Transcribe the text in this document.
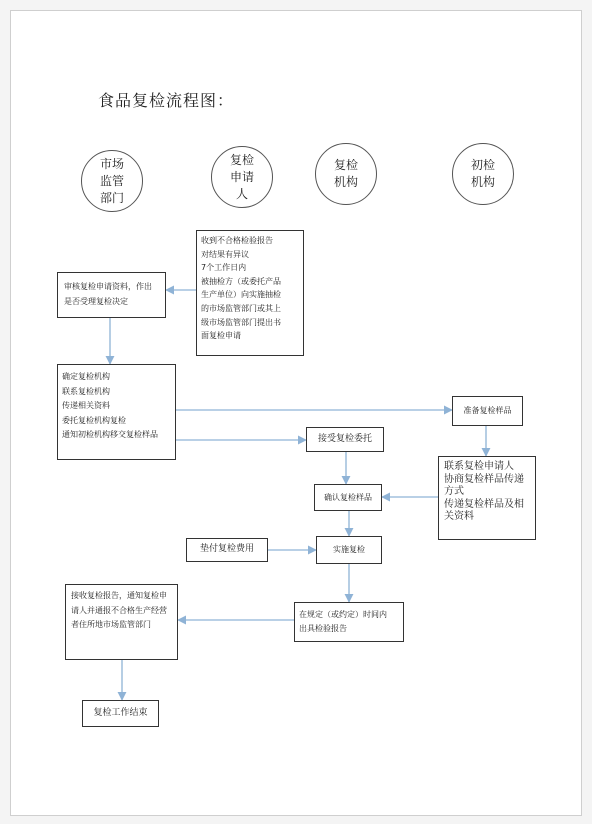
食品复检流程图：
市场监管部门
复检申请人
复检机构
初检机构
收到不合格检验报告
对结果有异议
7个工作日内
被抽检方（或委托产品
生产单位）向实施抽检
的市场监管部门或其上
级市场监管部门提出书
面复检申请
审核复检申请资料，作出是否受理复检决定
确定复检机构
联系复检机构
传递相关资料
委托复检机构复检
通知初检机构移交复检样品
准备复检样品
接受复检委托
联系复检申请人
协商复检样品传递
方式
传递复检样品及相
关资料
确认复检样品
垫付复检费用	实施复检
在规定（或约定）时间内
出具检验报告
接收复检报告，通知复检申请人并通报不合格生产经营者住所地市场监管部门
复检工作结束
